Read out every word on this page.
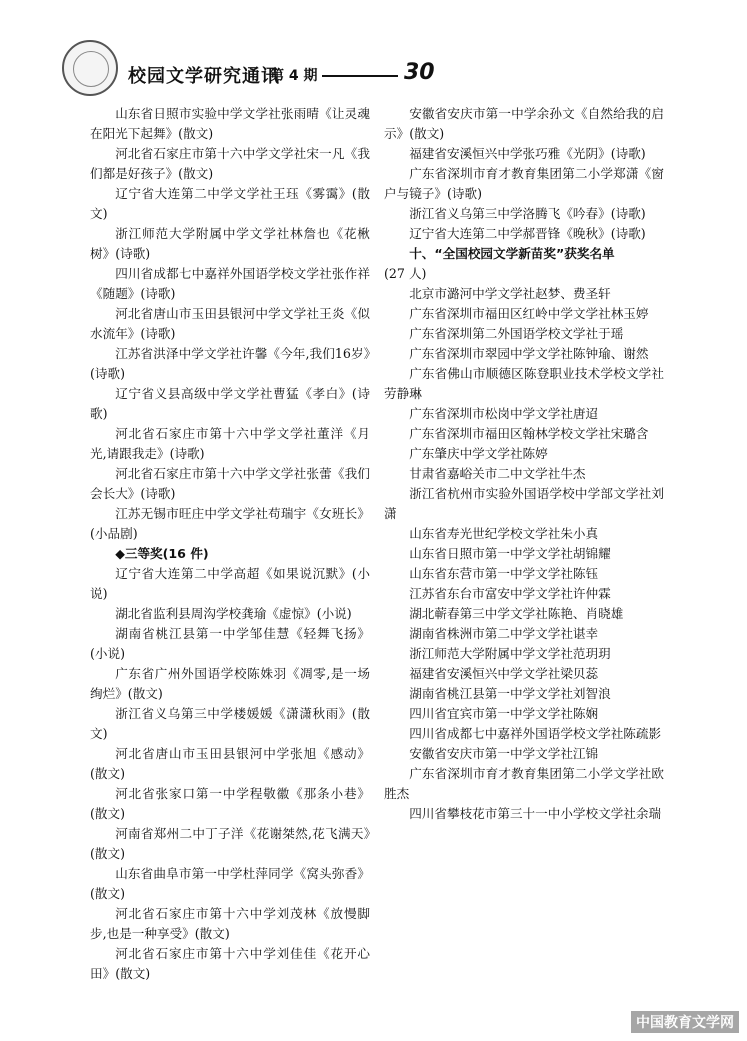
校园文学研究通讯
第 4 期	30

山东省日照市实验中学文学社张雨晴《让灵魂在阳光下起舞》(散文)

河北省石家庄市第十六中学文学社宋一凡《我们都是好孩子》(散文)

辽宁省大连第二中学文学社王珏《雾霭》(散文)

浙江师范大学附属中学文学社林詹也《花楸树》(诗歌)

四川省成都七中嘉祥外国语学校文学社张作祥《随题》(诗歌)

河北省唐山市玉田县银河中学文学社王炎《似水流年》(诗歌)

江苏省洪泽中学文学社许馨《今年,我们16岁》(诗歌)

辽宁省义县高级中学文学社曹猛《孝白》(诗歌)

河北省石家庄市第十六中学文学社董洋《月光,请跟我走》(诗歌)

河北省石家庄市第十六中学文学社张蕾《我们会长大》(诗歌)

江苏无锡市旺庄中学文学社苟瑞宇《女班长》(小品剧)

◆三等奖(16 件)

辽宁省大连第二中学高超《如果说沉默》(小说)

湖北省监利县周沟学校龚瑜《虚惊》(小说)

湖南省桃江县第一中学邹佳慧《轻舞飞扬》(小说)

广东省广州外国语学校陈姝羽《凋零,是一场绚烂》(散文)

浙江省义乌第三中学楼媛媛《潇潇秋雨》(散文)

河北省唐山市玉田县银河中学张旭《感动》(散文)

河北省张家口第一中学程敬徽《那条小巷》(散文)

河南省郑州二中丁子洋《花谢桀然,花飞满天》(散文)

山东省曲阜市第一中学杜萍同学《窝头弥香》(散文)

河北省石家庄市第十六中学刘茂林《放慢脚步,也是一种享受》(散文)

河北省石家庄市第十六中学刘佳佳《花开心田》(散文)

安徽省安庆市第一中学余孙文《自然给我的启示》(散文)

福建省安溪恒兴中学张巧雅《光阴》(诗歌)

广东省深圳市育才教育集团第二小学郑潇《窗户与镜子》(诗歌)

浙江省义乌第三中学洛腾飞《吟春》(诗歌)

辽宁省大连第二中学郝晋锋《晚秋》(诗歌)

十、“全国校园文学新苗奖”获奖名单

(27 人)

北京市潞河中学文学社赵梦、费圣轩

广东省深圳市福田区红岭中学文学社林玉婷

广东省深圳第二外国语学校文学社于瑶

广东省深圳市翠园中学文学社陈钟瑜、谢然

广东省佛山市顺德区陈登职业技术学校文学社劳静琳

广东省深圳市松岗中学文学社唐迢

广东省深圳市福田区翰林学校文学社宋璐含

广东肇庆中学文学社陈婷

甘肃省嘉峪关市二中文学社牛杰

浙江省杭州市实验外国语学校中学部文学社刘潇

山东省寿光世纪学校文学社朱小真

山东省日照市第一中学文学社胡锦耀

山东省东营市第一中学文学社陈钰

江苏省东台市富安中学文学社许仲霖

湖北蕲春第三中学文学社陈艳、肖晓雄

湖南省株洲市第二中学文学社谌幸

浙江师范大学附属中学文学社范玥玥

福建省安溪恒兴中学文学社梁贝蕊

湖南省桃江县第一中学文学社刘智浪

四川省宜宾市第一中学文学社陈娴

四川省成都七中嘉祥外国语学校文学社陈疏影

安徽省安庆市第一中学文学社江锦

广东省深圳市育才教育集团第二小学文学社欧胜杰

四川省攀枝花市第三十一中小学校文学社余瑞

中国教育文学网
